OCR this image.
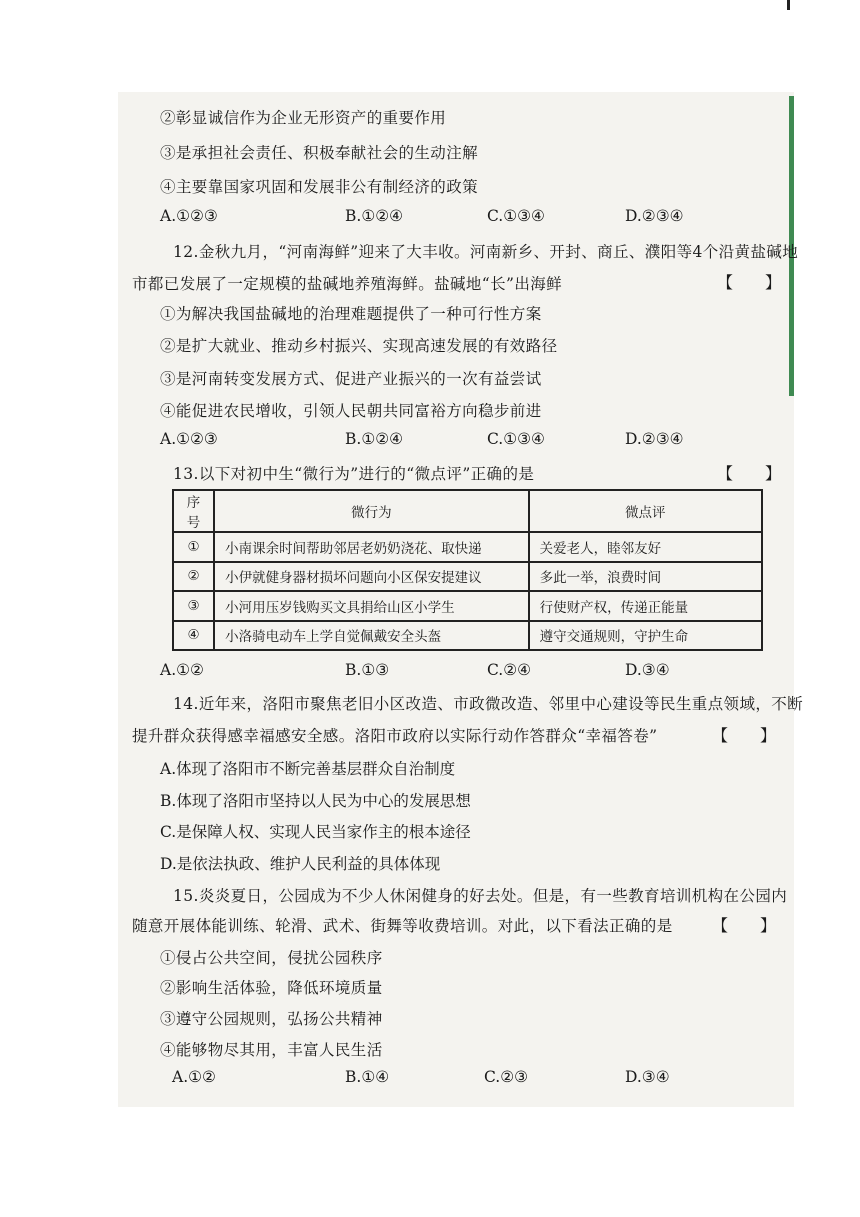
②彰显诚信作为企业无形资产的重要作用
③是承担社会责任、积极奉献社会的生动注解
④主要靠国家巩固和发展非公有制经济的政策
A.①②③	B.①②④	C.①③④	D.②③④
12.金秋九月，“河南海鲜”迎来了大丰收。河南新乡、开封、商丘、濮阳等4个沿黄盐碱地
市都已发展了一定规模的盐碱地养殖海鲜。盐碱地“长”出海鲜	【　　】
①为解决我国盐碱地的治理难题提供了一种可行性方案
②是扩大就业、推动乡村振兴、实现高速发展的有效路径
③是河南转变发展方式、促进产业振兴的一次有益尝试
④能促进农民增收，引领人民朝共同富裕方向稳步前进
A.①②③	B.①②④	C.①③④	D.②③④
13.以下对初中生“微行为”进行的“微点评”正确的是	【　　】
序号	微行为	微点评
①	小南课余时间帮助邻居老奶奶浇花、取快递	关爱老人，睦邻友好
②	小伊就健身器材损坏问题向小区保安提建议	多此一举，浪费时间
③	小河用压岁钱购买文具捐给山区小学生	行使财产权，传递正能量
④	小洛骑电动车上学自觉佩戴安全头盔	遵守交通规则，守护生命
A.①②	B.①③	C.②④	D.③④
14.近年来，洛阳市聚焦老旧小区改造、市政微改造、邻里中心建设等民生重点领域，不断
提升群众获得感幸福感安全感。洛阳市政府以实际行动作答群众“幸福答卷”	【　　】
A.体现了洛阳市不断完善基层群众自治制度
B.体现了洛阳市坚持以人民为中心的发展思想
C.是保障人权、实现人民当家作主的根本途径
D.是依法执政、维护人民利益的具体体现
15.炎炎夏日，公园成为不少人休闲健身的好去处。但是，有一些教育培训机构在公园内
随意开展体能训练、轮滑、武术、街舞等收费培训。对此，以下看法正确的是 【　　】
①侵占公共空间，侵扰公园秩序
②影响生活体验，降低环境质量
③遵守公园规则，弘扬公共精神
④能够物尽其用，丰富人民生活
A.①②	B.①④	C.②③	D.③④
